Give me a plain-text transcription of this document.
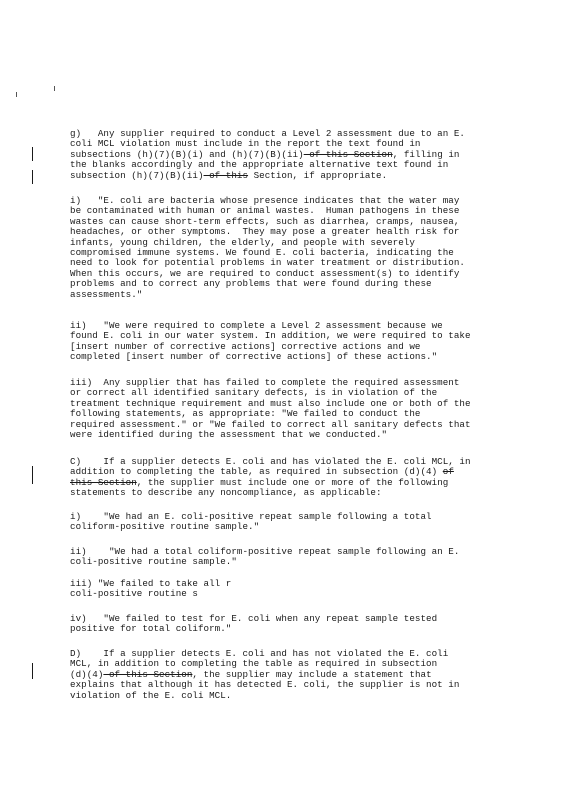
g)   Any supplier required to conduct a Level 2 assessment due to an E.
coli MCL violation must include in the report the text found in
subsections (h)(7)(B)(i) and (h)(7)(B)(ii) of this Section, filling in
the blanks accordingly and the appropriate alternative text found in
subsection (h)(7)(B)(ii) of this Section, if appropriate.
i)   "E. coli are bacteria whose presence indicates that the water may
be contaminated with human or animal wastes.  Human pathogens in these
wastes can cause short-term effects, such as diarrhea, cramps, nausea,
headaches, or other symptoms.  They may pose a greater health risk for
infants, young children, the elderly, and people with severely
compromised immune systems. We found E. coli bacteria, indicating the
need to look for potential problems in water treatment or distribution.
When this occurs, we are required to conduct assessment(s) to identify
problems and to correct any problems that were found during these
assessments."
ii)   "We were required to complete a Level 2 assessment because we
found E. coli in our water system. In addition, we were required to take
[insert number of corrective actions] corrective actions and we
completed [insert number of corrective actions] of these actions."
iii)  Any supplier that has failed to complete the required assessment
or correct all identified sanitary defects, is in violation of the
treatment technique requirement and must also include one or both of the
following statements, as appropriate: "We failed to conduct the
required assessment." or "We failed to correct all sanitary defects that
were identified during the assessment that we conducted."
C)    If a supplier detects E. coli and has violated the E. coli MCL, in
addition to completing the table, as required in subsection (d)(4) of
this Section, the supplier must include one or more of the following
statements to describe any noncompliance, as applicable:
i)    "We had an E. coli-positive repeat sample following a total
coliform-positive routine sample."
ii)    "We had a total coliform-positive repeat sample following an E.
coli-positive routine sample."
iii) "We failed to take all r
coli-positive routine s
iv)   "We failed to test for E. coli when any repeat sample tested
positive for total coliform."
D)    If a supplier detects E. coli and has not violated the E. coli
MCL, in addition to completing the table as required in subsection
(d)(4) of this Section, the supplier may include a statement that
explains that although it has detected E. coli, the supplier is not in
violation of the E. coli MCL.
